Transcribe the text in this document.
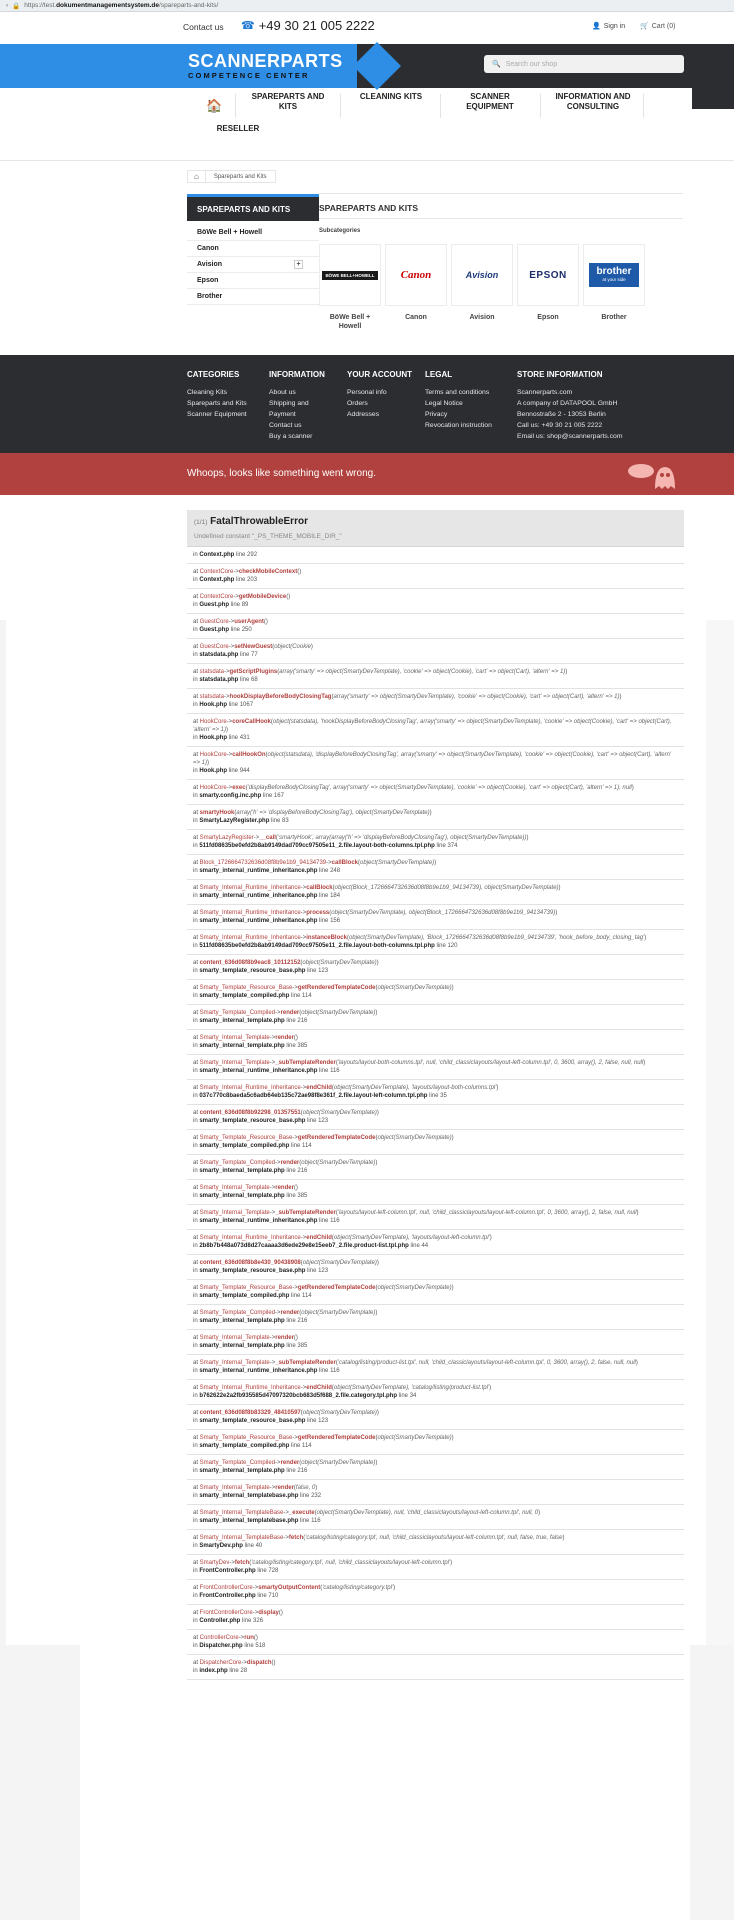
‹ 🔒 https://test.dokumentmanagementsystem.de/spareparts-and-kits/
Contact us ☎ +49 30 21 005 2222	👤 Sign in 🛒 Cart (0)
SCANNERPARTS
COMPETENCE CENTER
🔍 Search our shop
🏠
SPAREPARTS AND
KITS
CLEANING KITS	SCANNER
EQUIPMENT
INFORMATION AND
CONSULTING
RESELLER
⌂	Spareparts and Kits
SPAREPARTS AND KITS
BöWe Bell + Howell
Canon
Avision	+
Epson
Brother
SPAREPARTS AND KITS
Subcategories
BÖWE BELL+HOWELL
BöWe Bell +
Howell
Canon
Canon
Avision
Avision
EPSON
Epson
brother
at your side
Brother
CATEGORIES
Cleaning Kits
Spareparts and Kits
Scanner Equipment
INFORMATION
About us
Shipping and
Payment
Contact us
Buy a scanner
YOUR ACCOUNT
Personal info
Orders
Addresses
LEGAL
Terms and conditions
Legal Notice
Privacy
Revocation instruction
STORE INFORMATION
Scannerparts.com
A company of DATAPOOL GmbH
Bennostraße 2 - 13053 Berlin
Call us: +49 30 21 005 2222
Email us: shop@scannerparts.com
Whoops, looks like something went wrong.
(1/1) FatalThrowableError
Undefined constant "_PS_THEME_MOBILE_DIR_"
in Context.php line 292
at ContextCore->checkMobileContext()
in Context.php line 203
at ContextCore->getMobileDevice()
in Guest.php line 89
at GuestCore->userAgent()
in Guest.php line 250
at GuestCore->setNewGuest(object(Cookie)
in statsdata.php line 77
at statsdata->getScriptPlugins(array('smarty' => object(SmartyDevTemplate), 'cookie' => object(Cookie), 'cart' => object(Cart), 'altern' => 1))
in statsdata.php line 68
at statsdata->hookDisplayBeforeBodyClosingTag(array('smarty' => object(SmartyDevTemplate), 'cookie' => object(Cookie), 'cart' => object(Cart), 'altern' => 1))
in Hook.php line 1067
at HookCore->coreCallHook(object(statsdata), 'hookDisplayBeforeBodyClosingTag', array('smarty' => object(SmartyDevTemplate), 'cookie' => object(Cookie), 'cart' => object(Cart), 'altern' => 1))
in Hook.php line 431
at HookCore->callHookOn(object(statsdata), 'displayBeforeBodyClosingTag', array('smarty' => object(SmartyDevTemplate), 'cookie' => object(Cookie), 'cart' => object(Cart), 'altern' => 1))
in Hook.php line 944
at HookCore->exec('displayBeforeBodyClosingTag', array('smarty' => object(SmartyDevTemplate), 'cookie' => object(Cookie), 'cart' => object(Cart), 'altern' => 1), null)
in smarty.config.inc.php line 167
at smartyHook(array('h' => 'displayBeforeBodyClosingTag'), object(SmartyDevTemplate))
in SmartyLazyRegister.php line 83
at SmartyLazyRegister->__call('smartyHook', array(array('h' => 'displayBeforeBodyClosingTag'), object(SmartyDevTemplate)))
in 511fd08635be0efd2b8ab9149dad709cc97505e11_2.file.layout-both-columns.tpl.php line 374
at Block_1726664732636d08f8b9e1b9_94134739->callBlock(object(SmartyDevTemplate))
in smarty_internal_runtime_inheritance.php line 248
at Smarty_Internal_Runtime_Inheritance->callBlock(object(Block_1726664732636d08f8b9e1b9_94134739), object(SmartyDevTemplate))
in smarty_internal_runtime_inheritance.php line 184
at Smarty_Internal_Runtime_Inheritance->process(object(SmartyDevTemplate), object(Block_1726664732636d08f8b9e1b9_94134739))
in smarty_internal_runtime_inheritance.php line 156
at Smarty_Internal_Runtime_Inheritance->instanceBlock(object(SmartyDevTemplate), 'Block_1726664732636d08f8b9e1b9_94134739', 'hook_before_body_closing_tag')
in 511fd08635be0efd2b8ab9149dad709cc97505e11_2.file.layout-both-columns.tpl.php line 120
at content_636d08f8b9eac8_10112152(object(SmartyDevTemplate))
in smarty_template_resource_base.php line 123
at Smarty_Template_Resource_Base->getRenderedTemplateCode(object(SmartyDevTemplate))
in smarty_template_compiled.php line 114
at Smarty_Template_Compiled->render(object(SmartyDevTemplate))
in smarty_internal_template.php line 216
at Smarty_Internal_Template->render()
in smarty_internal_template.php line 385
at Smarty_Internal_Template->_subTemplateRender('layouts/layout-both-columns.tpl', null, 'child_classiclayouts/layout-left-column.tpl', 0, 3600, array(), 2, false, null, null)
in smarty_internal_runtime_inheritance.php line 116
at Smarty_Internal_Runtime_Inheritance->endChild(object(SmartyDevTemplate), 'layouts/layout-both-columns.tpl')
in 037c770c8baeda5c6adb64eb135c72ae98f8e361f_2.file.layout-left-column.tpl.php line 35
at content_636d08f8b92298_01357551(object(SmartyDevTemplate))
in smarty_template_resource_base.php line 123
at Smarty_Template_Resource_Base->getRenderedTemplateCode(object(SmartyDevTemplate))
in smarty_template_compiled.php line 114
at Smarty_Template_Compiled->render(object(SmartyDevTemplate))
in smarty_internal_template.php line 216
at Smarty_Internal_Template->render()
in smarty_internal_template.php line 385
at Smarty_Internal_Template->_subTemplateRender('layouts/layout-left-column.tpl', null, 'child_classiclayouts/layout-left-column.tpl', 0, 3600, array(), 2, false, null, null)
in smarty_internal_runtime_inheritance.php line 116
at Smarty_Internal_Runtime_Inheritance->endChild(object(SmartyDevTemplate), 'layouts/layout-left-column.tpl')
in 2b8b7b448a073d8d27caaaa3d6ede29e8e15eeb7_2.file.product-list.tpl.php line 44
at content_636d08f8b8e430_90438908(object(SmartyDevTemplate))
in smarty_template_resource_base.php line 123
at Smarty_Template_Resource_Base->getRenderedTemplateCode(object(SmartyDevTemplate))
in smarty_template_compiled.php line 114
at Smarty_Template_Compiled->render(object(SmartyDevTemplate))
in smarty_internal_template.php line 216
at Smarty_Internal_Template->render()
in smarty_internal_template.php line 385
at Smarty_Internal_Template->_subTemplateRender('catalog/listing/product-list.tpl', null, 'child_classiclayouts/layout-left-column.tpl', 0, 3600, array(), 2, false, null, null)
in smarty_internal_runtime_inheritance.php line 116
at Smarty_Internal_Runtime_Inheritance->endChild(object(SmartyDevTemplate), 'catalog/listing/product-list.tpl')
in b762622e2a2fb935585d47097320bcb683d5f688_2.file.category.tpl.php line 34
at content_636d08f8b83329_48410597(object(SmartyDevTemplate))
in smarty_template_resource_base.php line 123
at Smarty_Template_Resource_Base->getRenderedTemplateCode(object(SmartyDevTemplate))
in smarty_template_compiled.php line 114
at Smarty_Template_Compiled->render(object(SmartyDevTemplate))
in smarty_internal_template.php line 216
at Smarty_Internal_Template->render(false, 0)
in smarty_internal_templatebase.php line 232
at Smarty_Internal_TemplateBase->_execute(object(SmartyDevTemplate), null, 'child_classiclayouts/layout-left-column.tpl', null, 0)
in smarty_internal_templatebase.php line 116
at Smarty_Internal_TemplateBase->fetch('catalog/listing/category.tpl', null, 'child_classiclayouts/layout-left-column.tpl', null, false, true, false)
in SmartyDev.php line 40
at SmartyDev->fetch('catalog/listing/category.tpl', null, 'child_classiclayouts/layout-left-column.tpl')
in FrontController.php line 728
at FrontControllerCore->smartyOutputContent('catalog/listing/category.tpl')
in FrontController.php line 710
at FrontControllerCore->display()
in Controller.php line 326
at ControllerCore->run()
in Dispatcher.php line 518
at DispatcherCore->dispatch()
in index.php line 28
